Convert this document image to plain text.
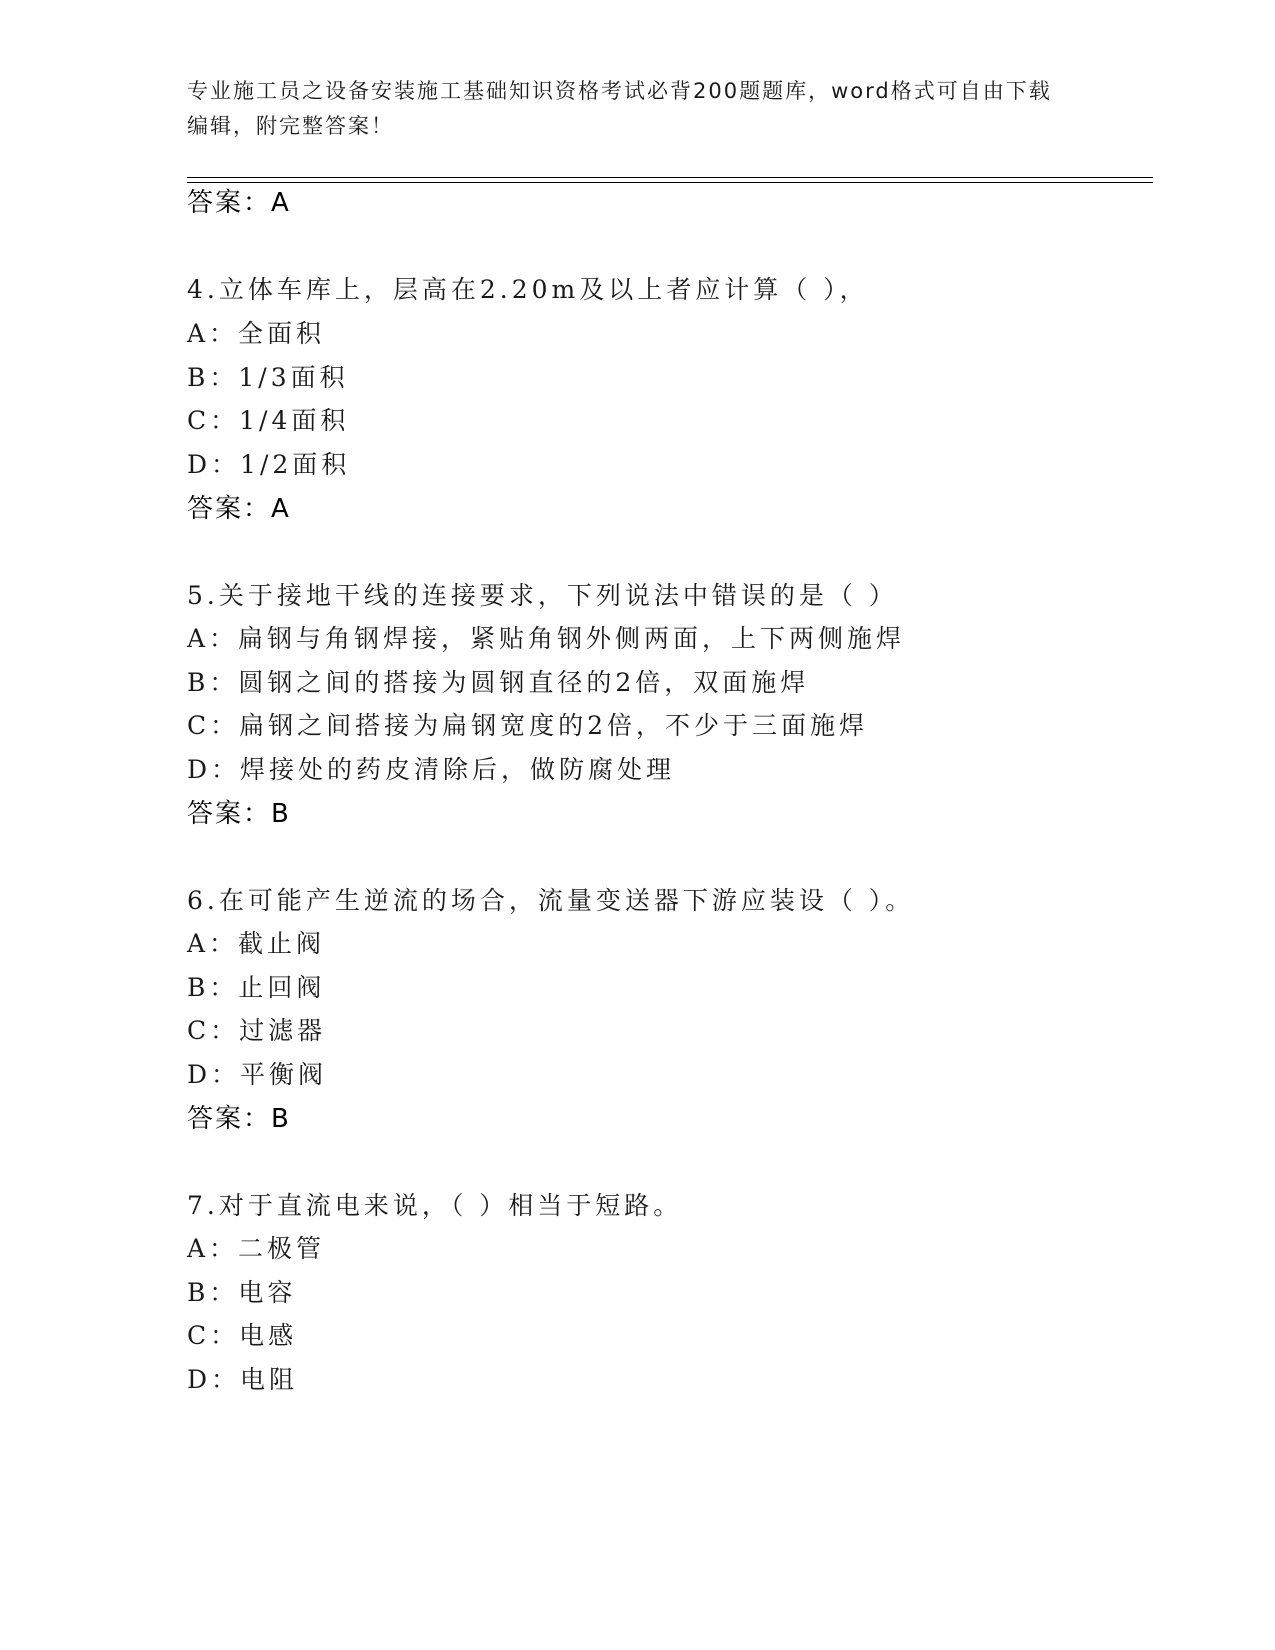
专业施工员之设备安装施工基础知识资格考试必背200题题库，word格式可自由下载编辑，附完整答案！
答案：A
4.立体车库上，层高在2.20m及以上者应计算（ ），
A：全面积
B：1/3面积
C：1/4面积
D：1/2面积
答案：A
5.关于接地干线的连接要求，下列说法中错误的是（ ）
A：扁钢与角钢焊接，紧贴角钢外侧两面，上下两侧施焊
B：圆钢之间的搭接为圆钢直径的2倍，双面施焊
C：扁钢之间搭接为扁钢宽度的2倍，不少于三面施焊
D：焊接处的药皮清除后，做防腐处理
答案：B
6.在可能产生逆流的场合，流量变送器下游应装设（ ）。
A：截止阀
B：止回阀
C：过滤器
D：平衡阀
答案：B
7.对于直流电来说，（ ）相当于短路。
A：二极管
B：电容
C：电感
D：电阻
